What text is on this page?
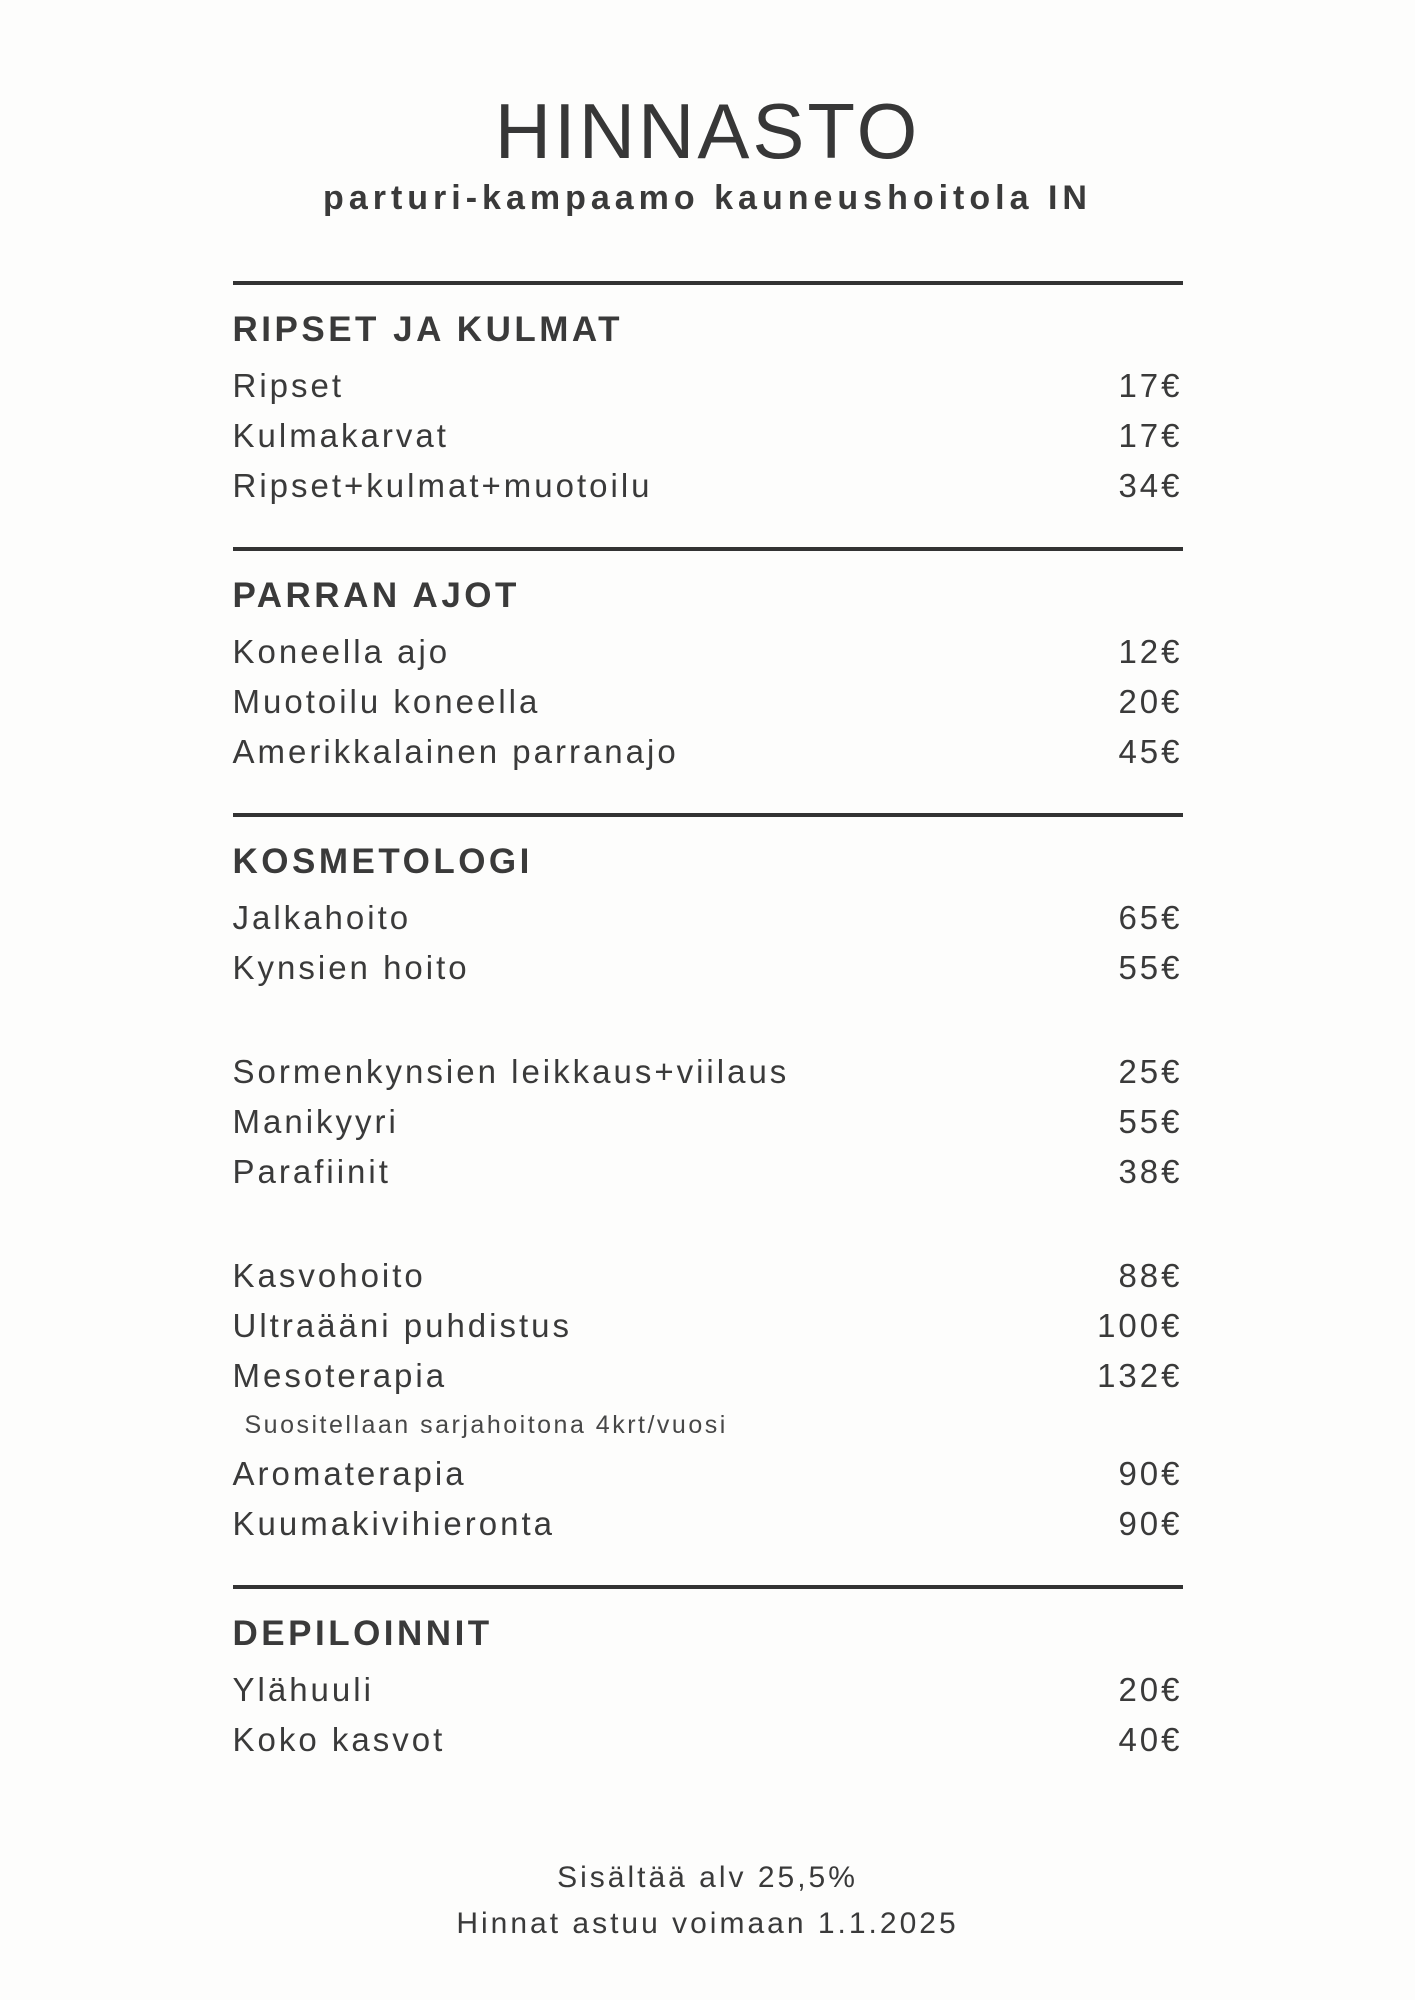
HINNASTO
parturi-kampaamo kauneushoitola IN
RIPSET JA KULMAT
Ripset	17€
Kulmakarvat	17€
Ripset+kulmat+muotoilu	34€
PARRAN AJOT
Koneella ajo	12€
Muotoilu koneella	20€
Amerikkalainen parranajo	45€
KOSMETOLOGI
Jalkahoito	65€
Kynsien hoito	55€
Sormenkynsien leikkaus+viilaus	25€
Manikyyri	55€
Parafiinit	38€
Kasvohoito	88€
Ultraääni puhdistus	100€
Mesoterapia	132€
Suositellaan sarjahoitona 4krt/vuosi
Aromaterapia	90€
Kuumakivihieronta	90€
DEPILOINNIT
Ylähuuli	20€
Koko kasvot	40€
Sisältää alv 25,5%
Hinnat astuu voimaan 1.1.2025
